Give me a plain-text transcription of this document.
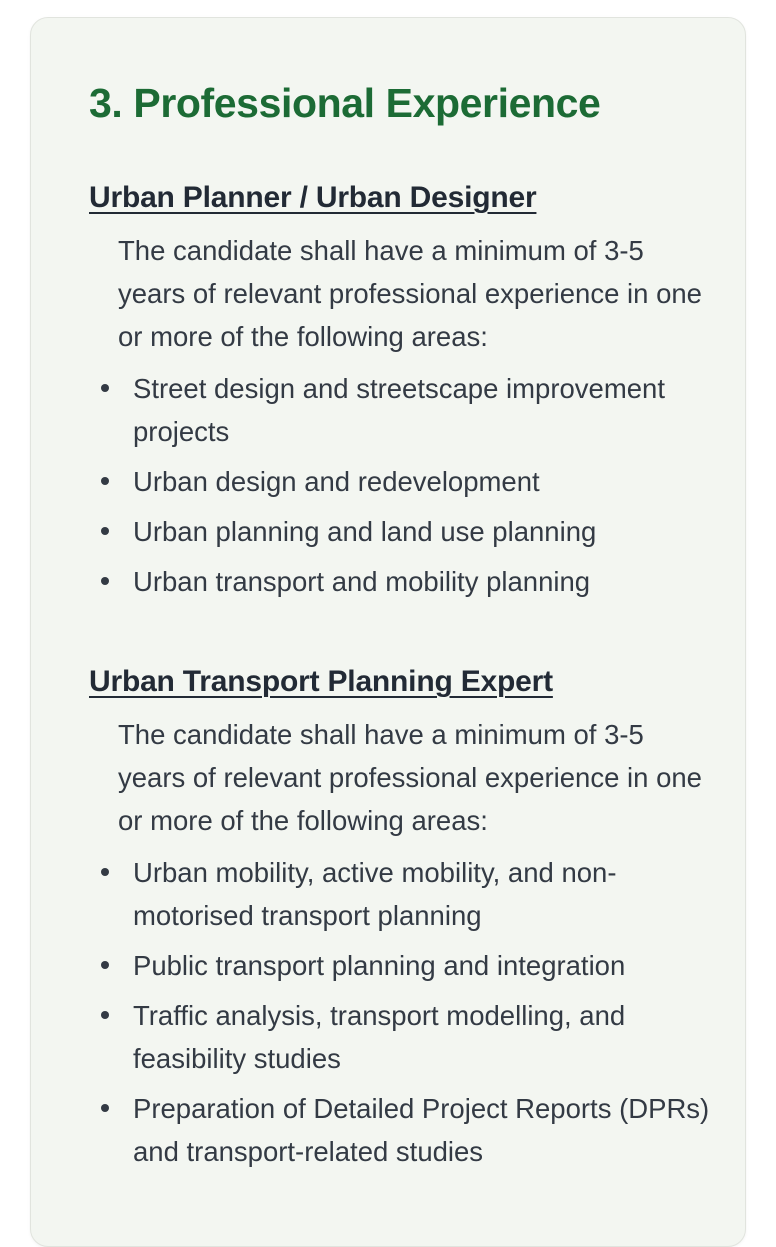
3. Professional Experience
Urban Planner / Urban Designer

The candidate shall have a minimum of 3-5 years of relevant professional experience in one or more of the following areas:

Street design and streetscape improvement projects
Urban design and redevelopment
Urban planning and land use planning
Urban transport and mobility planning
Urban Transport Planning Expert

The candidate shall have a minimum of 3-5 years of relevant professional experience in one or more of the following areas:

Urban mobility, active mobility, and non-motorised transport planning
Public transport planning and integration
Traffic analysis, transport modelling, and feasibility studies
Preparation of Detailed Project Reports (DPRs) and transport-related studies
